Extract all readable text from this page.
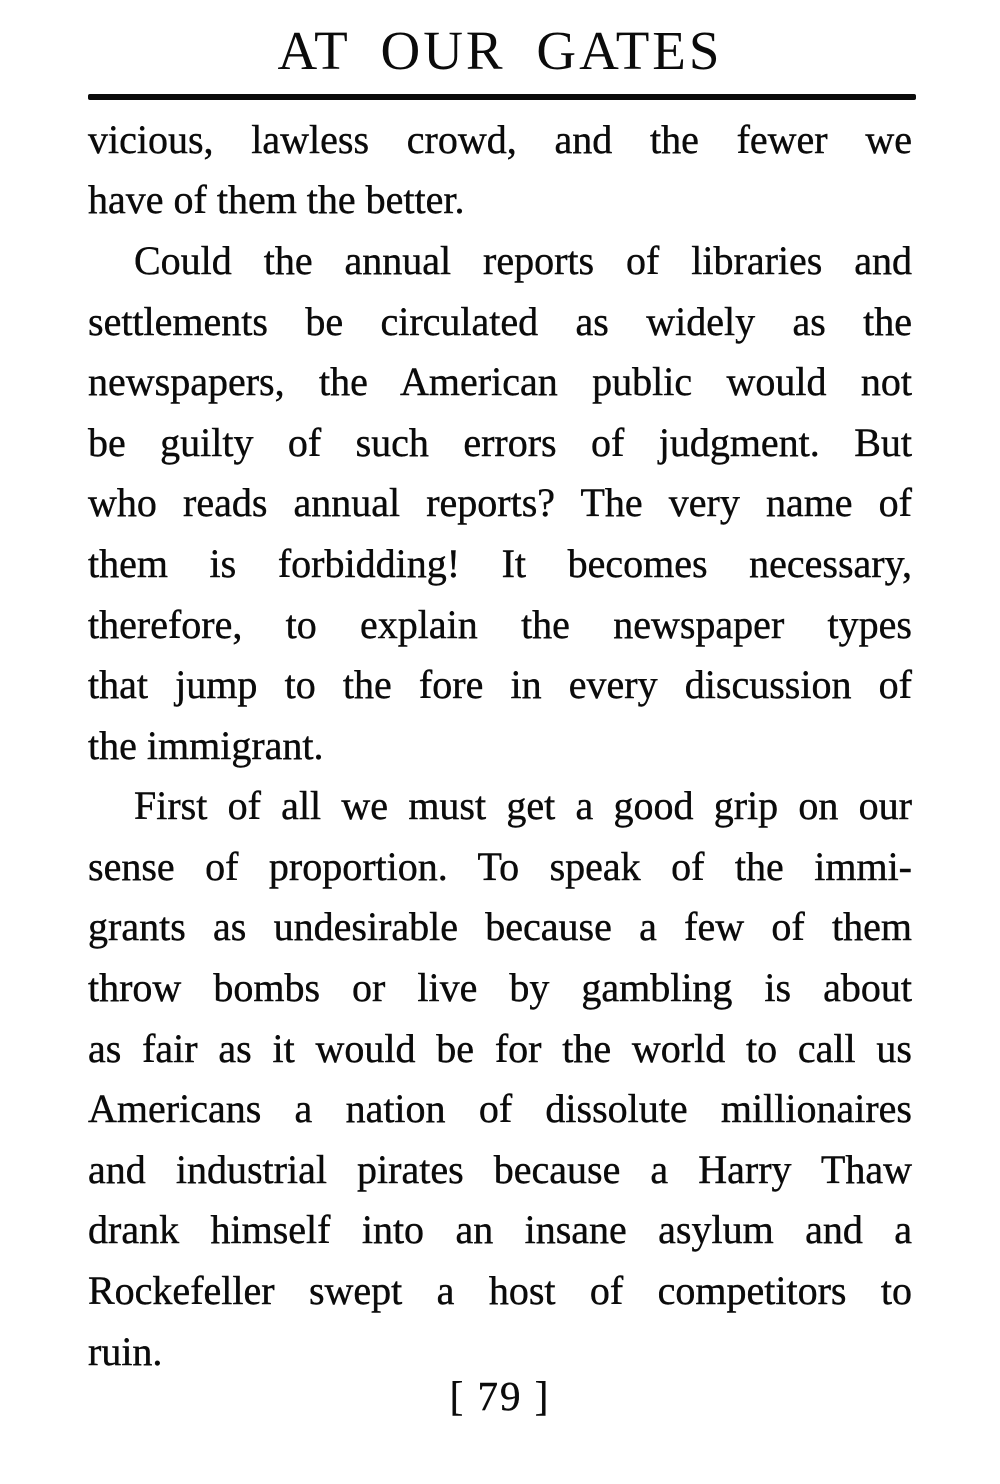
AT OUR GATES
vicious, lawless crowd, and the fewer we
have of them the better.
Could the annual reports of libraries and
settlements be circulated as widely as the
newspapers, the American public would not
be guilty of such errors of judgment. But
who reads annual reports? The very name of
them is forbidding! It becomes necessary,
therefore, to explain the newspaper types
that jump to the fore in every discussion of
the immigrant.
First of all we must get a good grip on our
sense of proportion. To speak of the immi-
grants as undesirable because a few of them
throw bombs or live by gambling is about
as fair as it would be for the world to call us
Americans a nation of dissolute millionaires
and industrial pirates because a Harry Thaw
drank himself into an insane asylum and a
Rockefeller swept a host of competitors to
ruin.
[ 79 ]
